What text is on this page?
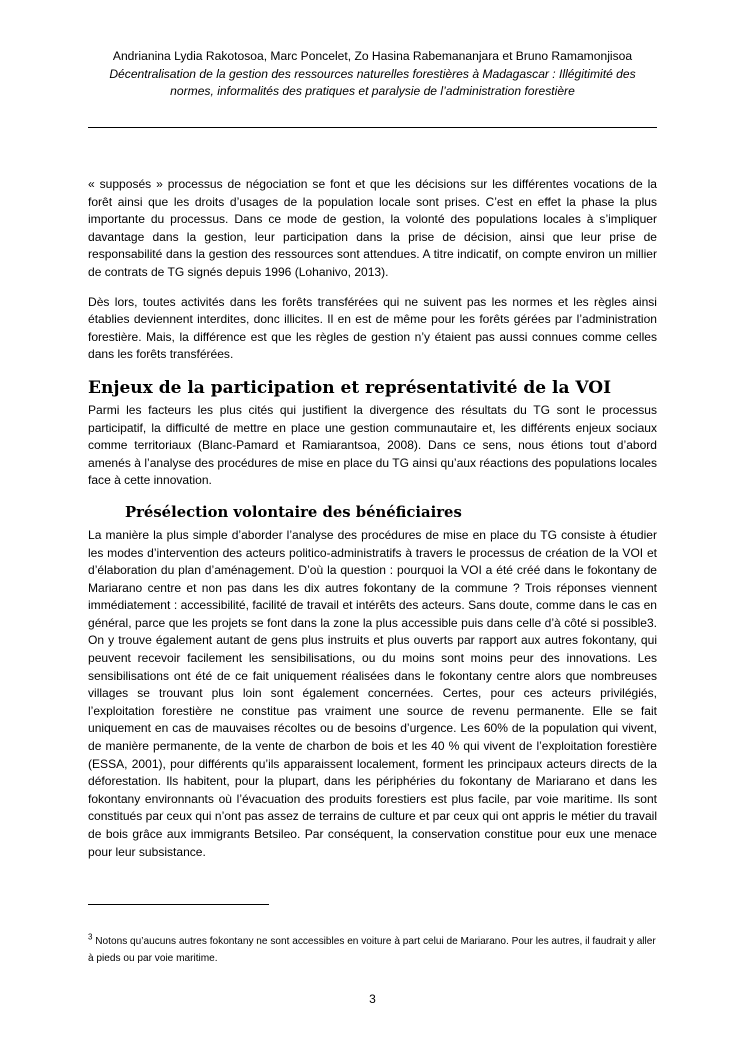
Andrianina Lydia Rakotosoa, Marc Poncelet, Zo Hasina Rabemananjara et Bruno Ramamonjisoa
Décentralisation de la gestion des ressources naturelles forestières à Madagascar : Illégitimité des normes, informalités des pratiques et paralysie de l’administration forestière

« supposés » processus de négociation se font et que les décisions sur les différentes vocations de la forêt ainsi que les droits d’usages de la population locale sont prises. C’est en effet la phase la plus importante du processus. Dans ce mode de gestion, la volonté des populations locales à s’impliquer davantage dans la gestion, leur participation dans la prise de décision, ainsi que leur prise de responsabilité dans la gestion des ressources sont attendues. A titre indicatif, on compte environ un millier de contrats de TG signés depuis 1996 (Lohanivo, 2013).

Dès lors, toutes activités dans les forêts transférées qui ne suivent pas les normes et les règles ainsi établies deviennent interdites, donc illicites. Il en est de même pour les forêts gérées par l’administration forestière. Mais, la différence est que les règles de gestion n’y étaient pas aussi connues comme celles dans les forêts transférées.

Enjeux de la participation et représentativité de la VOI

Parmi les facteurs les plus cités qui justifient la divergence des résultats du TG sont le processus participatif, la difficulté de mettre en place une gestion communautaire et, les différents enjeux sociaux comme territoriaux (Blanc-Pamard et Ramiarantsoa, 2008). Dans ce sens, nous étions tout d’abord amenés à l’analyse des procédures de mise en place du TG ainsi qu’aux réactions des populations locales face à cette innovation.

Présélection volontaire des bénéficiaires

La manière la plus simple d’aborder l’analyse des procédures de mise en place du TG consiste à étudier les modes d’intervention des acteurs politico-administratifs à travers le processus de création de la VOI et d’élaboration du plan d’aménagement. D’où la question : pourquoi la VOI a été créé dans le fokontany de Mariarano centre et non pas dans les dix autres fokontany de la commune ? Trois réponses viennent immédiatement : accessibilité, facilité de travail et intérêts des acteurs. Sans doute, comme dans le cas en général, parce que les projets se font dans la zone la plus accessible puis dans celle d’à côté si possible3. On y trouve également autant de gens plus instruits et plus ouverts par rapport aux autres fokontany, qui peuvent recevoir facilement les sensibilisations, ou du moins sont moins peur des innovations. Les sensibilisations ont été de ce fait uniquement réalisées dans le fokontany centre alors que nombreuses villages se trouvant plus loin sont également concernées. Certes, pour ces acteurs privilégiés, l’exploitation forestière ne constitue pas vraiment une source de revenu permanente. Elle se fait uniquement en cas de mauvaises récoltes ou de besoins d’urgence. Les 60% de la population qui vivent, de manière permanente, de la vente de charbon de bois et les 40 % qui vivent de l’exploitation forestière (ESSA, 2001), pour différents qu’ils apparaissent localement, forment les principaux acteurs directs de la déforestation. Ils habitent, pour la plupart, dans les périphéries du fokontany de Mariarano et dans les fokontany environnants où l’évacuation des produits forestiers est plus facile, par voie maritime. Ils sont constitués par ceux qui n’ont pas assez de terrains de culture et par ceux qui ont appris le métier du travail de bois grâce aux immigrants Betsileo. Par conséquent, la conservation constitue pour eux une menace pour leur subsistance.

$^3$ Notons qu’aucuns autres fokontany ne sont accessibles en voiture à part celui de Mariarano. Pour les autres, il faudrait y aller à pieds ou par voie maritime.
3
